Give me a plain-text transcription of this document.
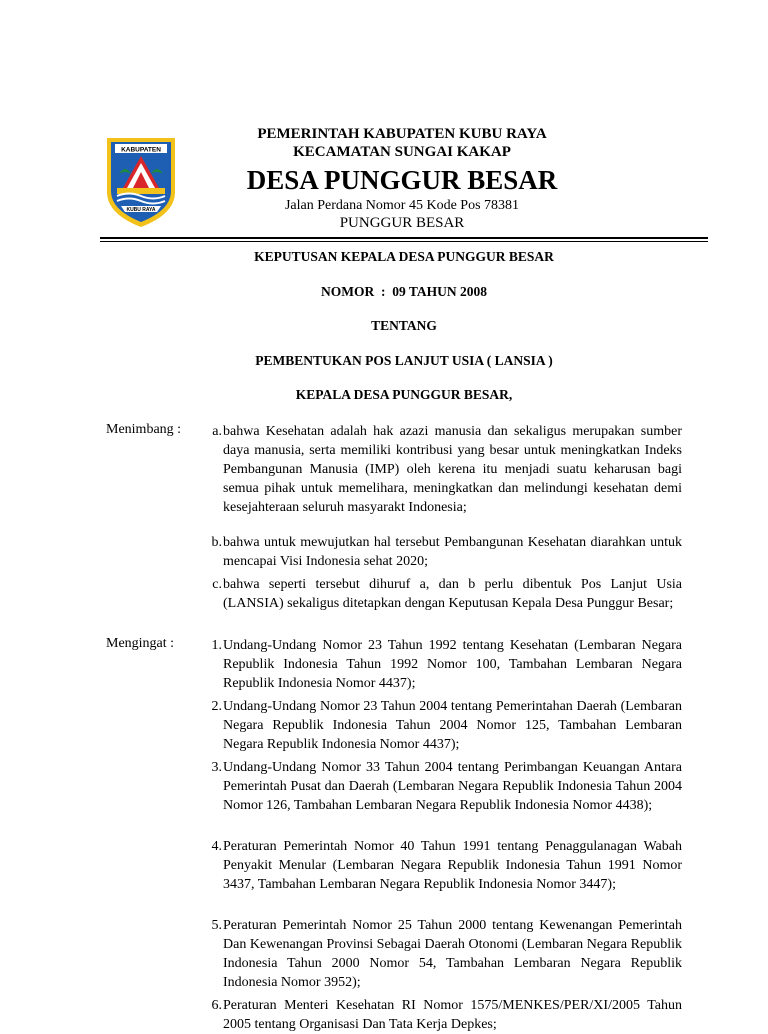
KABUPATEN
KUBU RAYA
PEMERINTAH KABUPATEN KUBU RAYA
KECAMATAN SUNGAI KAKAP
DESA PUNGGUR BESAR
Jalan Perdana Nomor 45 Kode Pos 78381
PUNGGUR BESAR
KEPUTUSAN KEPALA DESA PUNGGUR BESAR
NOMOR  :  09 TAHUN 2008
TENTANG
PEMBENTUKAN POS LANJUT USIA ( LANSIA )
KEPALA DESA PUNGGUR BESAR,
Menimbang :	a. bahwa Kesehatan adalah hak azazi manusia dan sekaligus merupakan sumber daya manusia, serta memiliki kontribusi yang besar untuk meningkatkan Indeks Pembangunan Manusia (IMP) oleh kerena itu menjadi suatu keharusan bagi semua pihak untuk memelihara, meningkatkan dan melindungi kesehatan demi kesejahteraan seluruh masyarakt Indonesia;
b. bahwa untuk mewujutkan hal tersebut Pembangunan Kesehatan diarahkan untuk mencapai Visi Indonesia sehat 2020;
c. bahwa seperti tersebut dihuruf a, dan b perlu dibentuk Pos Lanjut Usia (LANSIA) sekaligus ditetapkan dengan Keputusan Kepala Desa Punggur Besar;
Mengingat :	1. Undang-Undang Nomor 23 Tahun 1992 tentang Kesehatan (Lembaran Negara Republik Indonesia Tahun 1992 Nomor 100, Tambahan Lembaran Negara Republik Indonesia Nomor 4437);
2. Undang-Undang Nomor 23 Tahun 2004 tentang Pemerintahan Daerah (Lembaran Negara Republik Indonesia Tahun 2004 Nomor 125, Tambahan Lembaran Negara Republik Indonesia Nomor 4437);
3. Undang-Undang Nomor 33 Tahun 2004 tentang Perimbangan Keuangan Antara Pemerintah Pusat dan Daerah (Lembaran Negara Republik Indonesia Tahun 2004 Nomor 126, Tambahan Lembaran Negara Republik Indonesia Nomor 4438);
4. Peraturan Pemerintah Nomor 40 Tahun 1991 tentang Penaggulanagan Wabah Penyakit Menular (Lembaran Negara Republik Indonesia Tahun 1991 Nomor 3437, Tambahan Lembaran Negara Republik Indonesia Nomor 3447);
5. Peraturan Pemerintah Nomor 25 Tahun 2000 tentang Kewenangan Pemerintah Dan Kewenangan Provinsi Sebagai Daerah Otonomi (Lembaran Negara Republik Indonesia Tahun 2000 Nomor 54, Tambahan Lembaran Negara Republik Indonesia Nomor 3952);
6. Peraturan Menteri Kesehatan RI Nomor 1575/MENKES/PER/XI/2005 Tahun 2005 tentang Organisasi Dan Tata Kerja Depkes;
